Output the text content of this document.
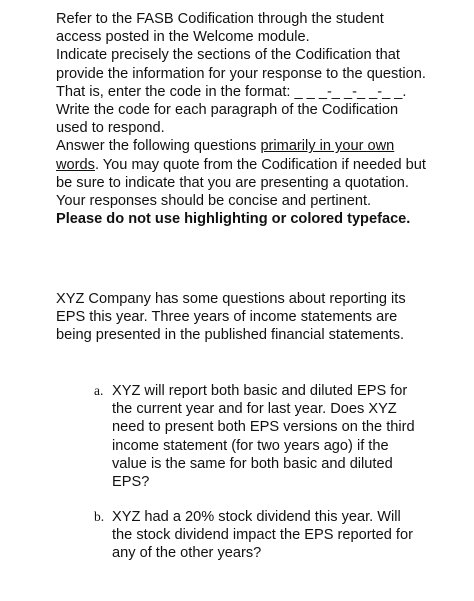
Refer to the FASB Codification through the student access posted in the Welcome module.

Indicate precisely the sections of the Codification that provide the information for your response to the question. That is, enter the code in the format: _ _ _-_ _-_ _-_ _. Write the code for each paragraph of the Codification used to respond.

Answer the following questions primarily in your own words. You may quote from the Codification if needed but be sure to indicate that you are presenting a quotation. Your responses should be concise and pertinent.

Please do not use highlighting or colored typeface.

XYZ Company has some questions about reporting its EPS this year. Three years of income statements are being presented in the published financial statements.

a. XYZ will report both basic and diluted EPS for the current year and for last year. Does XYZ need to present both EPS versions on the third income statement (for two years ago) if the value is the same for both basic and diluted EPS?
b. XYZ had a 20% stock dividend this year. Will the stock dividend impact the EPS reported for any of the other years?
